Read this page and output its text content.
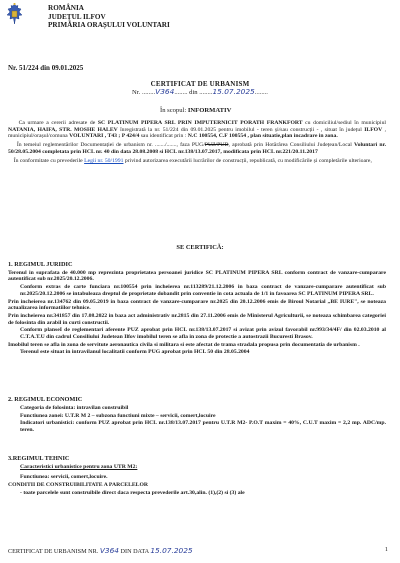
ROMÂNIA
JUDEȚUL ILFOV
PRIMĂRIA ORAȘULUI VOLUNTARI
Nr. 51/224 din 09.01.2025
CERTIFICAT DE URBANISM
Nr. ........V364........ din ........15.07.2025........
În scopul: INFORMATIV

Ca urmare a cererii adresate de SC PLATINUM PIPERA SRL PRIN IMPUTERNICIT PORATH FRANKFORT cu domiciliul/sediul în municipiul NATANIA, HAIFA, STR. MOSHE HALEV înregistrată la nr. 51/224 din 09.01.2025 pentru imobilul - teren și/sau construcții - , situat în județul ILFOV , municipiul/orașul/comuna VOLUNTARI , T43 ; P 424/4 sau identificat prin : N.C 100554, C.F 100554 , plan situatie,plan incadrare in zona.

În temeiul reglementărilor Documentației de urbanism nr. ......./......., faza PUG/PUZ/PUD, aprobată prin Hotărârea Consiliului Județean/Local Voluntari nr. 50/28.05.2004 completata prin HCL nr. 40 din data 28.08.2008 si HCL nr.138/13.07.2017, modificata prin HCL nr.221/20.11.2017

În conformitate cu prevederile Legii nr. 50/1991 privind autorizarea executării lucrărilor de construcții, republicată, cu modificările și completările ulterioare,

SE CERTIFICĂ:

1. REGIMUL JURIDIC

Terenul in suprafata de 40.000 mp reprezinta proprietatea persoanei juridice SC PLATINUM PIPERA SRL conform contract de vanzare-cumparare autentificat sub nr.2025/20.12.2006.

Conform extras de carte funciara nr.100554 prin incheierea nr.113289/21.12.2006 in baza contract de vanzare-cumparare autentificat sub nr.2025/20.12.2006 se intabuleaza dreptul de proprietate dobandit prin conventie in cota actuala de 1/1 in favoarea SC PLATINUM PIPERA SRL.

Prin incheierea nr.134762 din 09.05.2019 in baza contract de vanzare-cumparare nr.2025 din 20.12.2006 emis de Biroul Notarial „BE IURE", se noteaza actualizarea informatiilor tehnice.

Prin incheierea nr.341857 din 17.08.2022 in baza act administrativ nr.2815 din 27.11.2006 emis de Ministerul Agriculturii, se noteaza schimbarea categoriei de folosinta din arabil in curti constructii.

Conform planseI de reglementari aferente PUZ aprobat prin HCL nr.138/13.07.2017 si avizat prin avizul favorabil nr.993/34/4F/ din 02.03.2010 al C.T.A.T.U din cadrul Consiliului Judetean Ilfov imobilul teren se afla in zona de protectie a autostrazii Bucuresti Brasov.

Imobilul teren se afla in zona de servitute aeronautica civila si militara si este afectat de trama stradala propusa prin documentatia de urbanism .

Terenul este situat in intravilanul localitatii conform PUG aprobat prin HCL 50 din 28.05.2004

2. REGIMUL ECONOMIC

Categoria de folosinta: intravilan construibil

Functiunea zonei: U.T.R M 2 – subzona functiuni mixte – servicii, comert,locuire

Indicatori urbanistici: conform PUZ aprobat prin HCL nr.138/13.07.2017 pentru U.T.R M2- P.O.T maxim = 40%, C.U.T maxim = 2,2 mp. ADC/mp. teren.

3.REGIMUL TEHNIC

Caracteristici urbanistice pentru zona UTR M2:

Functiunea: servicii, comert,locuire.

CONDITII DE CONSTRUIBILITATE A PARCELELOR

- toate parcelele sunt construibile direct daca respecta prevederile art.30,alin. (1),(2) si (3) ale

CERTIFICAT DE URBANISM NR. V364 DIN DATA 15.07.2025	1
